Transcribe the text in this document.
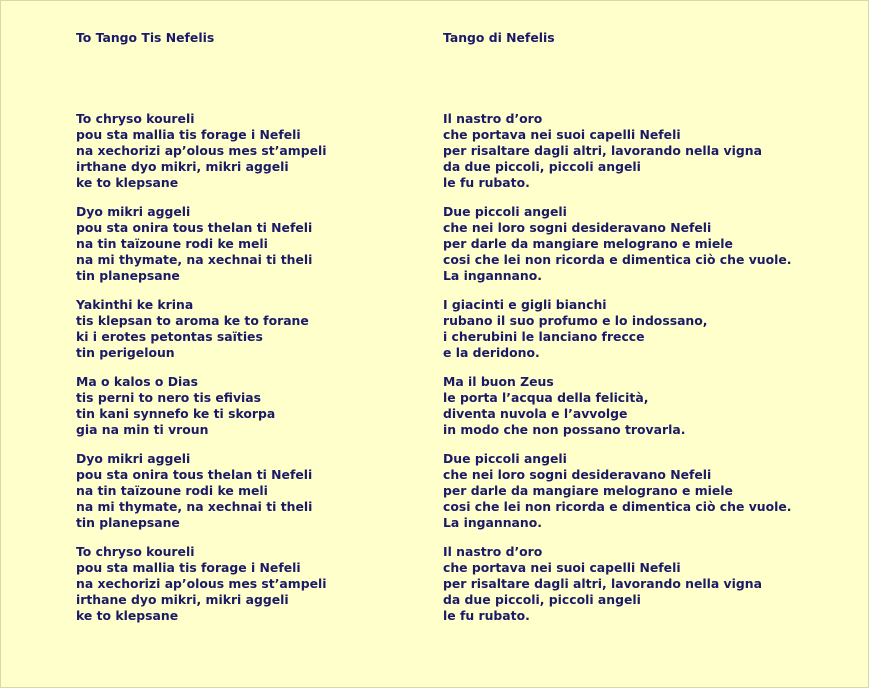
To Tango Tis Nefelis
To chryso koureli
pou sta mallia tis forage i Nefeli
na xechorizi ap’olous mes st’ampeli
irthane dyo mikri, mikri aggeli
ke to klepsane
Dyo mikri aggeli
pou sta onira tous thelan ti Nefeli
na tin taïzoune rodi ke meli
na mi thymate, na xechnai ti theli
tin planepsane
Yakinthi ke krina
tis klepsan to aroma ke to forane
ki i erotes petontas saïties
tin perigeloun
Ma o kalos o Dias
tis perni to nero tis efivias
tin kani synnefo ke ti skorpa
gia na min ti vroun
Dyo mikri aggeli
pou sta onira tous thelan ti Nefeli
na tin taïzoune rodi ke meli
na mi thymate, na xechnai ti theli
tin planepsane
To chryso koureli
pou sta mallia tis forage i Nefeli
na xechorizi ap’olous mes st’ampeli
irthane dyo mikri, mikri aggeli
ke to klepsane
Tango di Nefelis
Il nastro d’oro
che portava nei suoi capelli Nefeli
per risaltare dagli altri, lavorando nella vigna
da due piccoli, piccoli angeli
le fu rubato.
Due piccoli angeli
che nei loro sogni desideravano Nefeli
per darle da mangiare melograno e miele
cosi che lei non ricorda e dimentica ciò che vuole.
La ingannano.
I giacinti e gigli bianchi
rubano il suo profumo e lo indossano,
i cherubini le lanciano frecce
e la deridono.
Ma il buon Zeus
le porta l’acqua della felicità,
diventa nuvola e l’avvolge
in modo che non possano trovarla.
Due piccoli angeli
che nei loro sogni desideravano Nefeli
per darle da mangiare melograno e miele
cosi che lei non ricorda e dimentica ciò che vuole.
La ingannano.
Il nastro d’oro
che portava nei suoi capelli Nefeli
per risaltare dagli altri, lavorando nella vigna
da due piccoli, piccoli angeli
le fu rubato.
